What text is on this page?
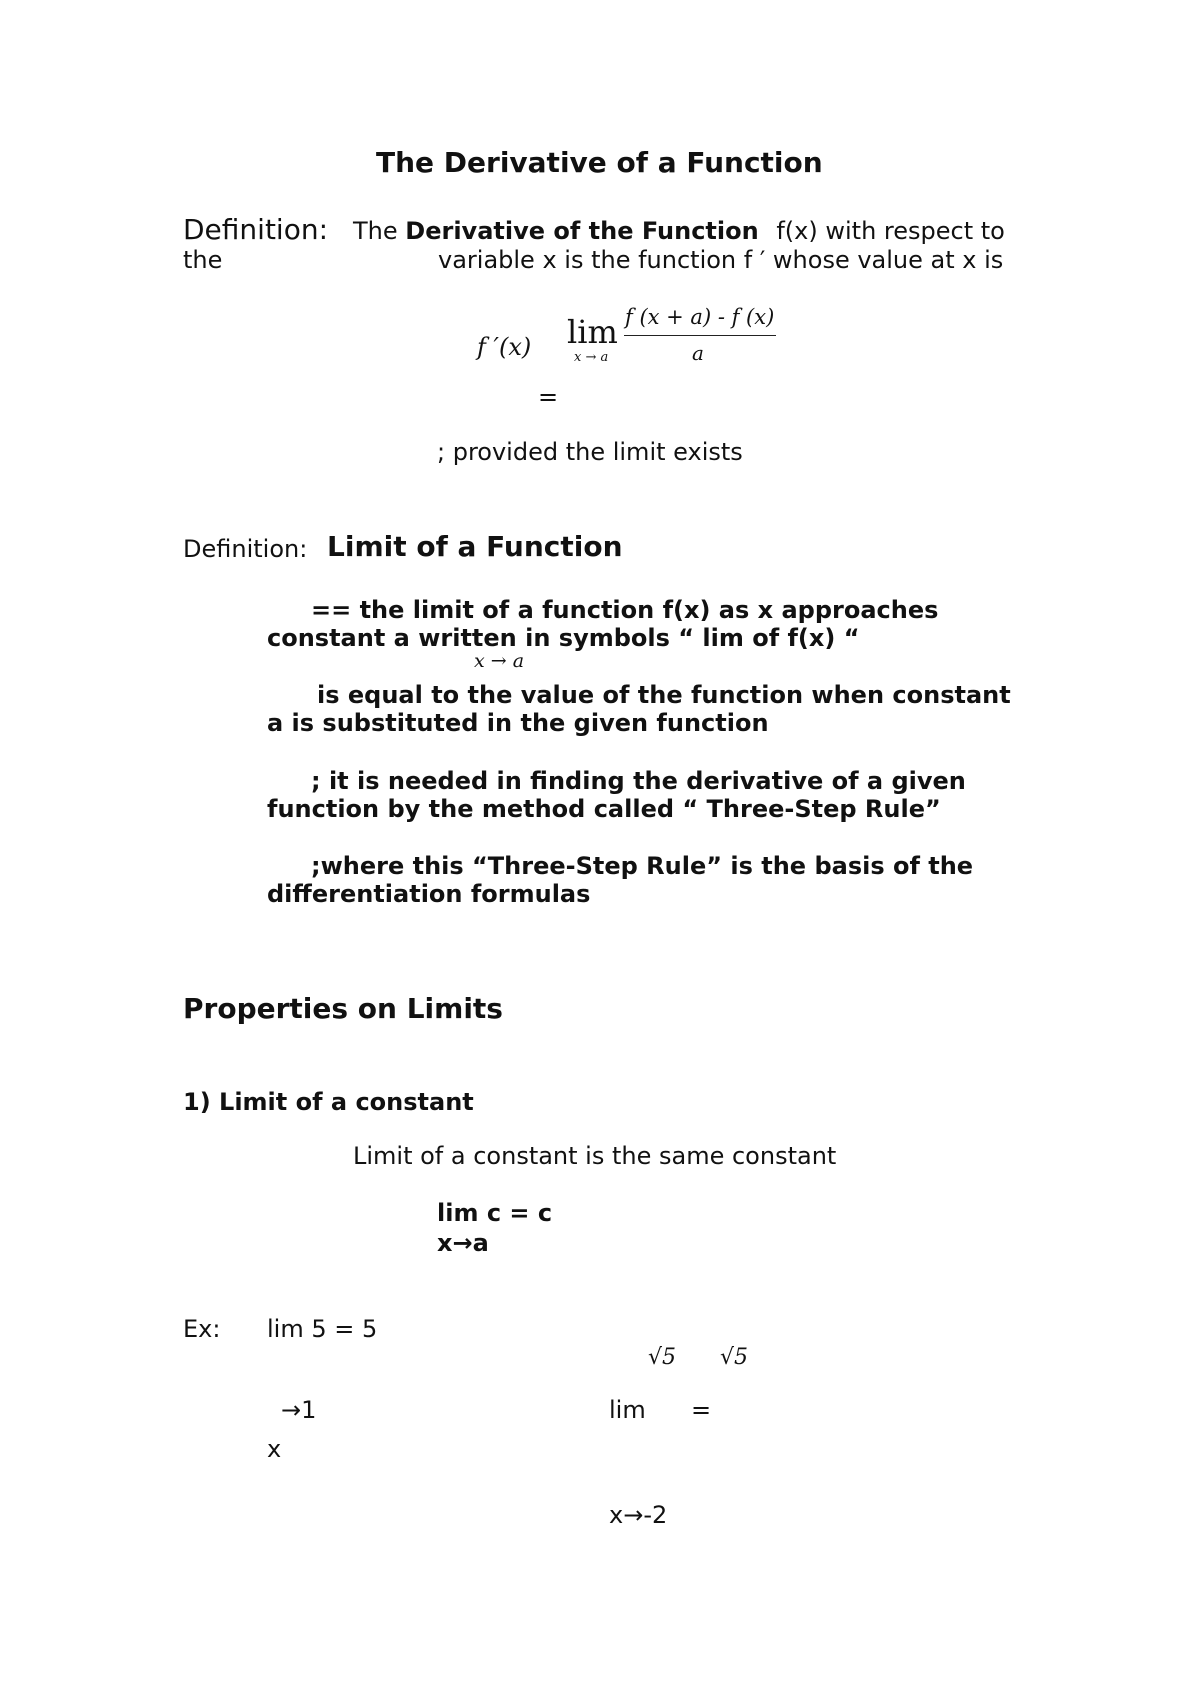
The Derivative of a Function
Definition: The Derivative of the Function f(x) with respect to
the	variable x is the function f ′ whose value at x is
f ′(x) lim
x → a
f (x + a) - f (x)
a
=
; provided the limit exists
Definition: Limit of a Function
== the limit of a function f(x) as x approaches
constant a written in symbols “ lim of f(x) “
x → a
is equal to the value of the function when constant
a is substituted in the given function
; it is needed in finding the derivative of a given
function by the method called “ Three-Step Rule”
;where this “Three-Step Rule” is the basis of the
differentiation formulas
Properties on Limits
1) Limit of a constant
Limit of a constant is the same constant
lim c = c
x→a
Ex: lim 5 = 5
→1
x
√5 √5
lim =
x→-2
